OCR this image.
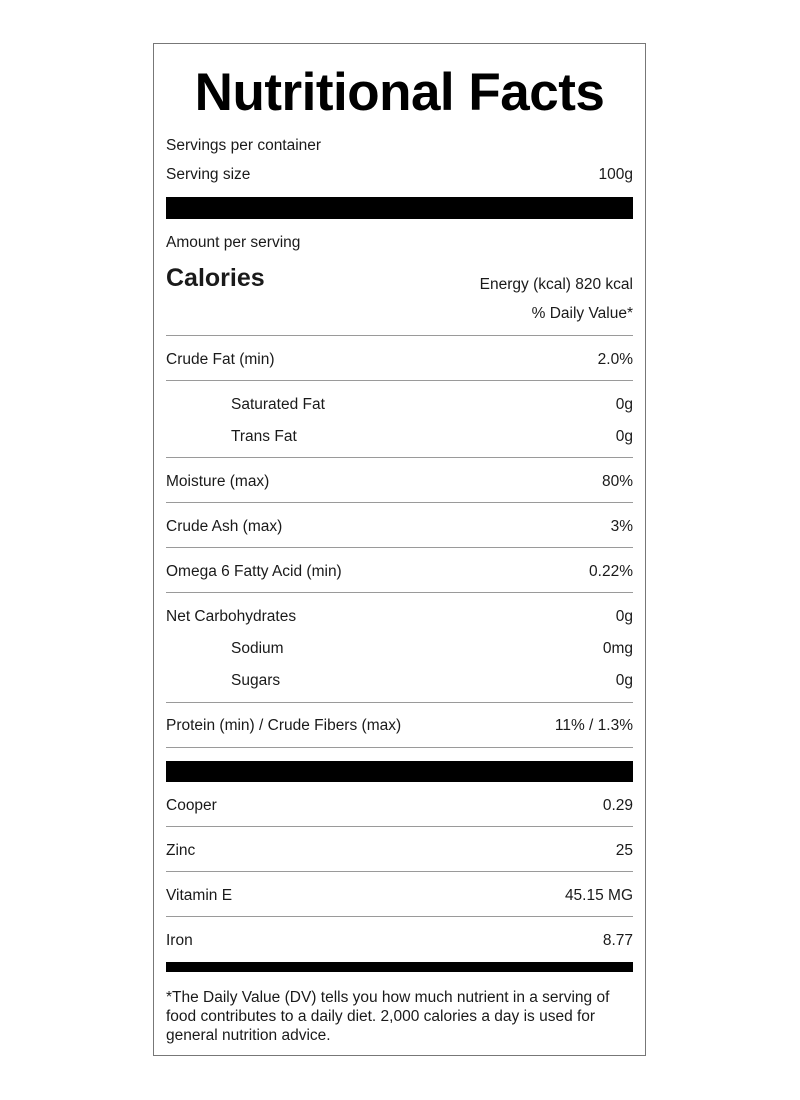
Nutritional Facts
Servings per container
Serving size	100g
Amount per serving
Calories	Energy (kcal) 820 kcal
% Daily Value*
Crude Fat (min)	2.0%
Saturated Fat	0g
Trans Fat	0g
Moisture (max)	80%
Crude Ash (max)	3%
Omega 6 Fatty Acid (min)	0.22%
Net Carbohydrates	0g
Sodium	0mg
Sugars	0g
Protein (min) / Crude Fibers (max)	11% / 1.3%
Cooper	0.29
Zinc	25
Vitamin E	45.15 MG
Iron	8.77
*The Daily Value (DV) tells you how much nutrient in a serving of food contributes to a daily diet. 2,000 calories a day is used for general nutrition advice.
